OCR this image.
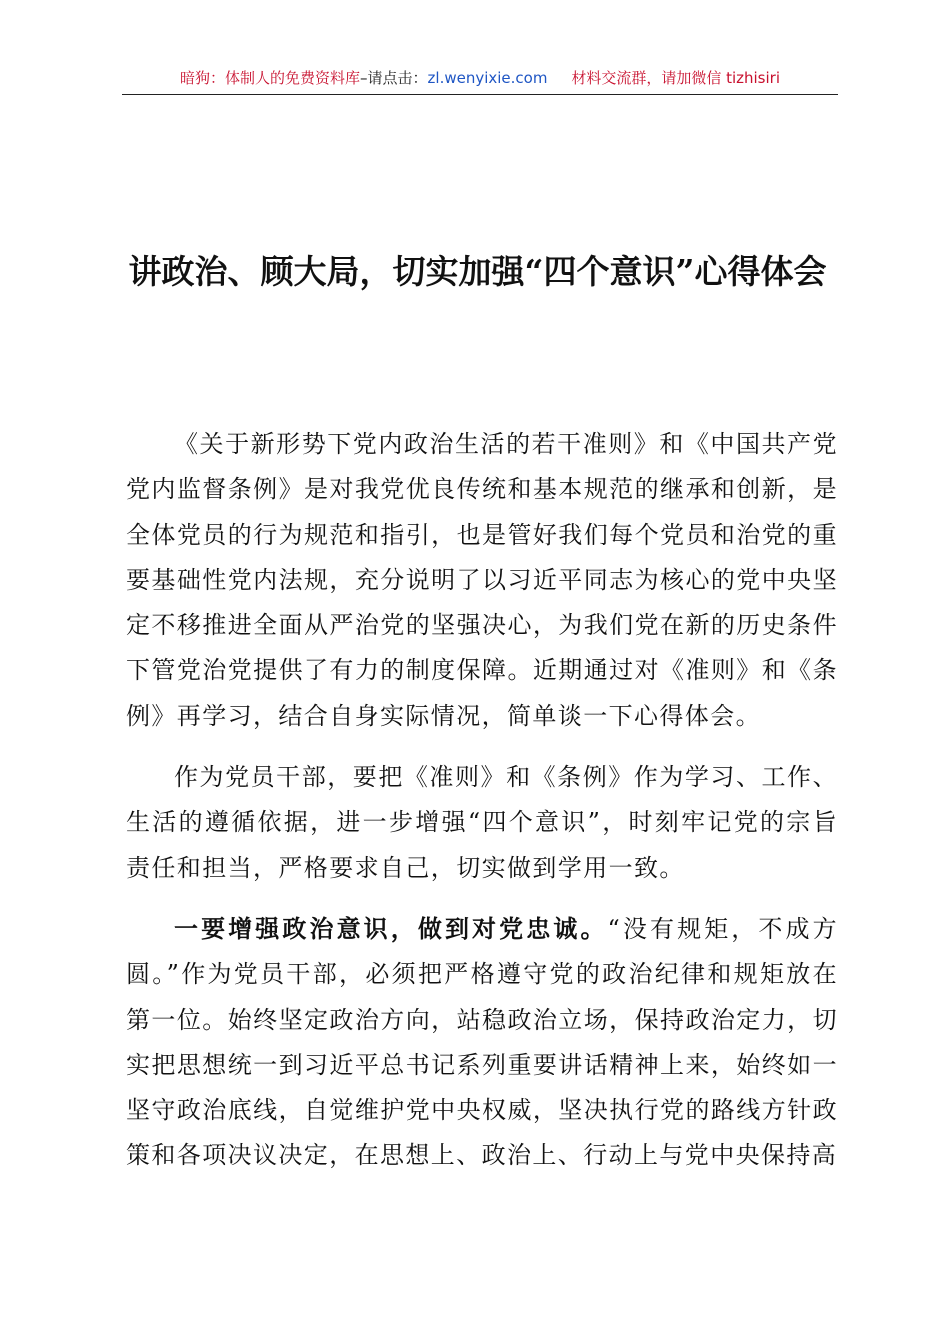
暗狗：体制人的免费资料库–请点击：zl.wenyixie.com 材料交流群，请加微信 tizhisiri
讲政治、顾大局，切实加强“四个意识”心得体会

《关于新形势下党内政治生活的若干准则》和《中国共产党党内监督条例》是对我党优良传统和基本规范的继承和创新，是全体党员的行为规范和指引，也是管好我们每个党员和治党的重要基础性党内法规，充分说明了以习近平同志为核心的党中央坚定不移推进全面从严治党的坚强决心，为我们党在新的历史条件下管党治党提供了有力的制度保障。近期通过对《准则》和《条例》再学习，结合自身实际情况，简单谈一下心得体会。

作为党员干部，要把《准则》和《条例》作为学习、工作、生活的遵循依据，进一步增强“四个意识”，时刻牢记党的宗旨责任和担当，严格要求自己，切实做到学用一致。

一要增强政治意识，做到对党忠诚。“没有规矩，不成方圆。”作为党员干部，必须把严格遵守党的政治纪律和规矩放在第一位。始终坚定政治方向，站稳政治立场，保持政治定力，切实把思想统一到习近平总书记系列重要讲话精神上来，始终如一坚守政治底线，自觉维护党中央权威，坚决执行党的路线方针政策和各项决议决定，在思想上、政治上、行动上与党中央保持高
